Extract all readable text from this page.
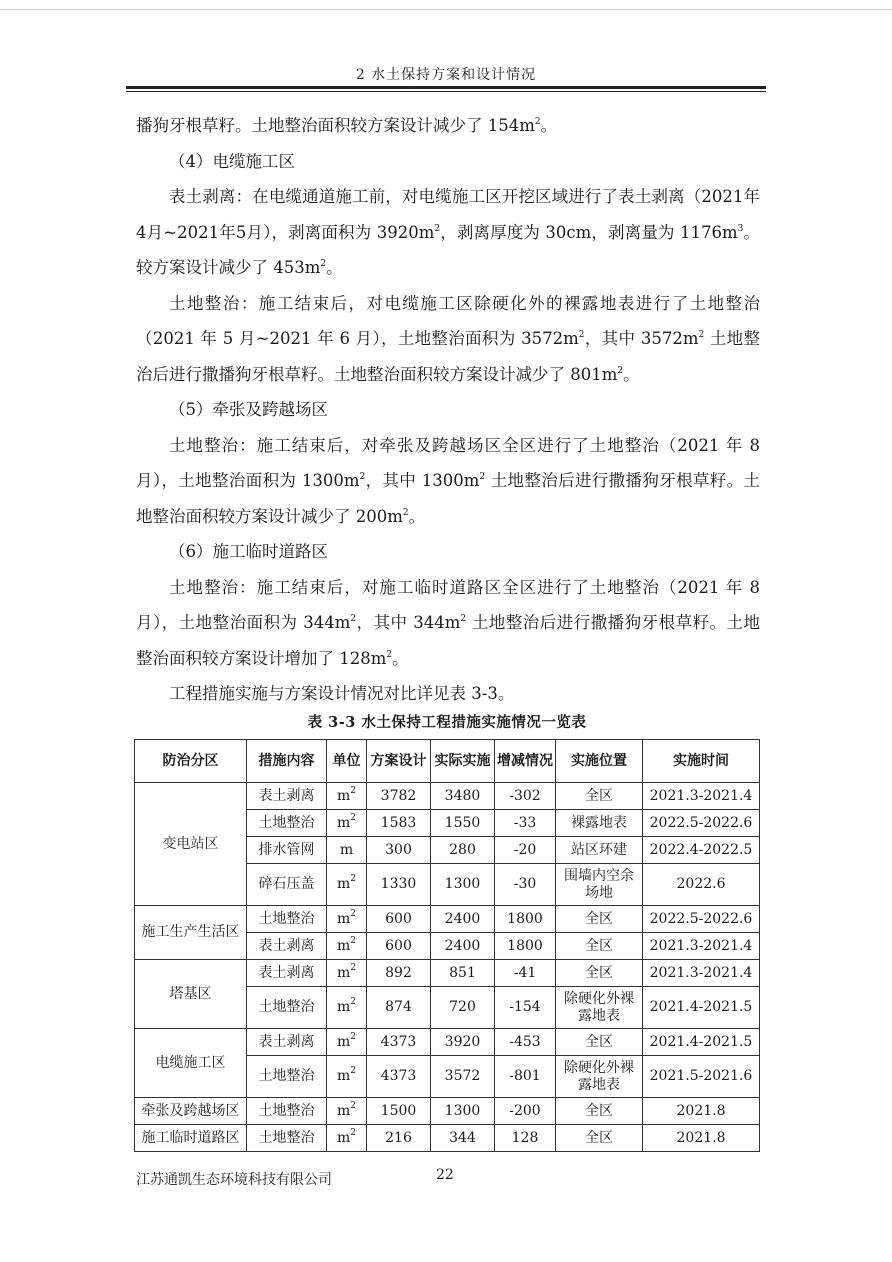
2 水土保持方案和设计情况

播狗牙根草籽。土地整治面积较方案设计减少了 $154m^2$。

（4）电缆施工区

表土剥离：在电缆通道施工前，对电缆施工区开挖区域进行了表土剥离（2021年4月~2021年5月），剥离面积为 $3920m^2$，剥离厚度为 30cm，剥离量为 $1176m^3$。较方案设计减少了 $453m^2$。

土地整治：施工结束后，对电缆施工区除硬化外的裸露地表进行了土地整治（2021 年 5 月~2021 年 6 月），土地整治面积为 $3572m^2$，其中 $3572m^2$ 土地整治后进行撒播狗牙根草籽。土地整治面积较方案设计减少了 $801m^2$。

（5）牵张及跨越场区

土地整治：施工结束后，对牵张及跨越场区全区进行了土地整治（2021 年 8 月），土地整治面积为 $1300m^2$，其中 $1300m^2$ 土地整治后进行撒播狗牙根草籽。土地整治面积较方案设计减少了 $200m^2$。

（6）施工临时道路区

土地整治：施工结束后，对施工临时道路区全区进行了土地整治（2021 年 8 月），土地整治面积为 $344m^2$，其中 $344m^2$ 土地整治后进行撒播狗牙根草籽。土地整治面积较方案设计增加了 $128m^2$。

工程措施实施与方案设计情况对比详见表 3-3。

表 3-3 水土保持工程措施实施情况一览表
防治分区	措施内容	单位	方案设计	实际实施	增减情况	实施位置	实施时间
变电站区	表土剥离	$m^2$	3782	3480	-302	全区	2021.3-2021.4
	土地整治	$m^2$	1583	1550	-33	裸露地表	2022.5-2022.6
	排水管网	m	300	280	-20	站区环建	2022.4-2022.5
	碎石压盖	$m^2$	1330	1300	-30	围墙内空余场地	2022.6
施工生产生活区	土地整治	$m^2$	600	2400	1800	全区	2022.5-2022.6
	表土剥离	$m^2$	600	2400	1800	全区	2021.3-2021.4
塔基区	表土剥离	$m^2$	892	851	-41	全区	2021.3-2021.4
	土地整治	$m^2$	874	720	-154	除硬化外裸露地表	2021.4-2021.5
电缆施工区	表土剥离	$m^2$	4373	3920	-453	全区	2021.4-2021.5
	土地整治	$m^2$	4373	3572	-801	除硬化外裸露地表	2021.5-2021.6
牵张及跨越场区	土地整治	$m^2$	1500	1300	-200	全区	2021.8
施工临时道路区	土地整治	$m^2$	216	344	128	全区	2021.8
江苏通凯生态环境科技有限公司	22
